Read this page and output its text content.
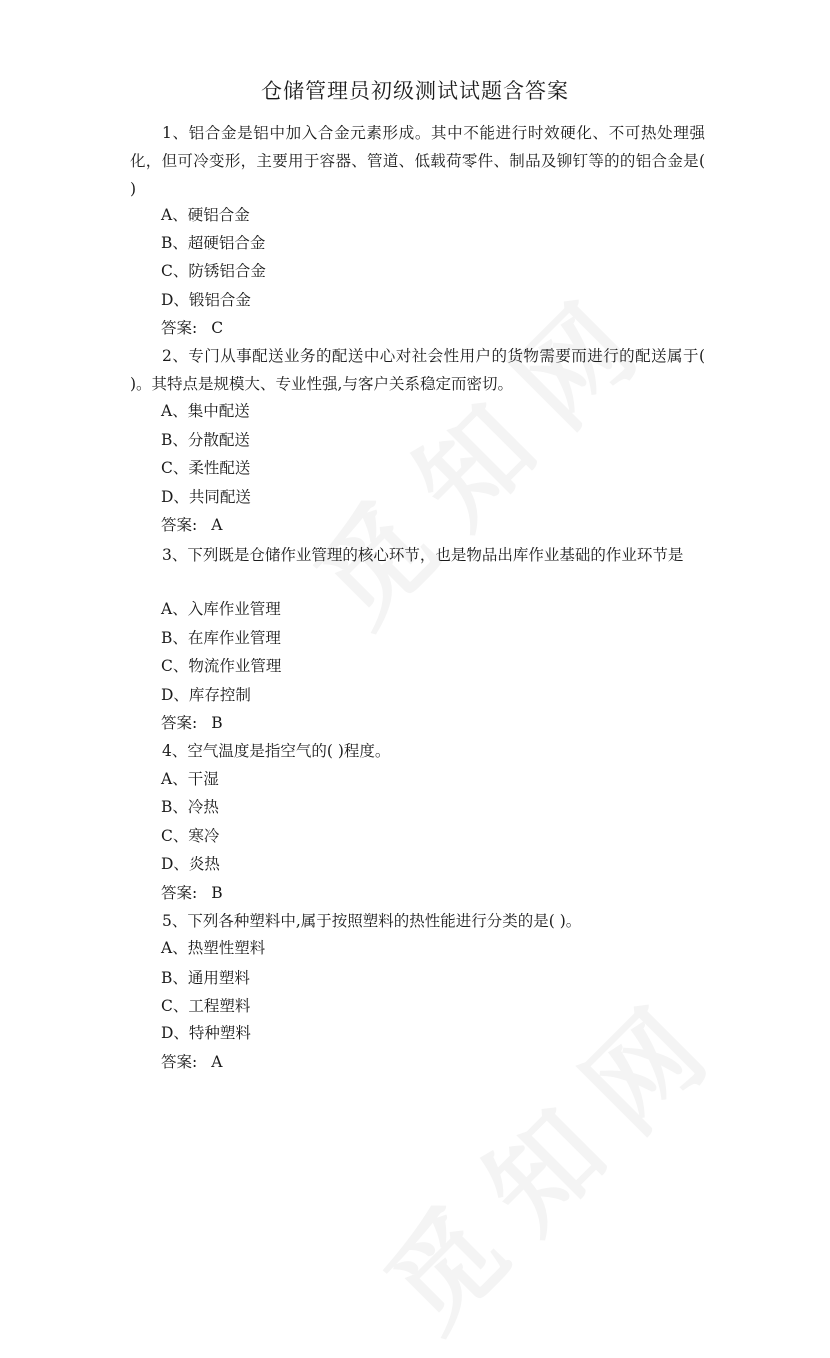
仓储管理员初级测试试题含答案

1、铝合金是铝中加入合金元素形成。其中不能进行时效硬化、不可热处理强化，但可冷变形，主要用于容器、管道、低载荷零件、制品及铆钉等的的铝合金是( )

A、硬铝合金
B、超硬铝合金
C、防锈铝合金
D、锻铝合金
答案: C

2、专门从事配送业务的配送中心对社会性用户的货物需要而进行的配送属于( )。其特点是规模大、专业性强,与客户关系稳定而密切。

A、集中配送
B、分散配送
C、柔性配送
D、共同配送
答案: A

3、下列既是仓储作业管理的核心环节，也是物品出库作业基础的作业环节是

A、入库作业管理
B、在库作业管理
C、物流作业管理
D、库存控制
答案: B

4、空气温度是指空气的( )程度。

A、干湿
B、冷热
C、寒冷
D、炎热
答案: B

5、下列各种塑料中,属于按照塑料的热性能进行分类的是( )。

A、热塑性塑料
B、通用塑料
C、工程塑料
D、特种塑料
答案: A
